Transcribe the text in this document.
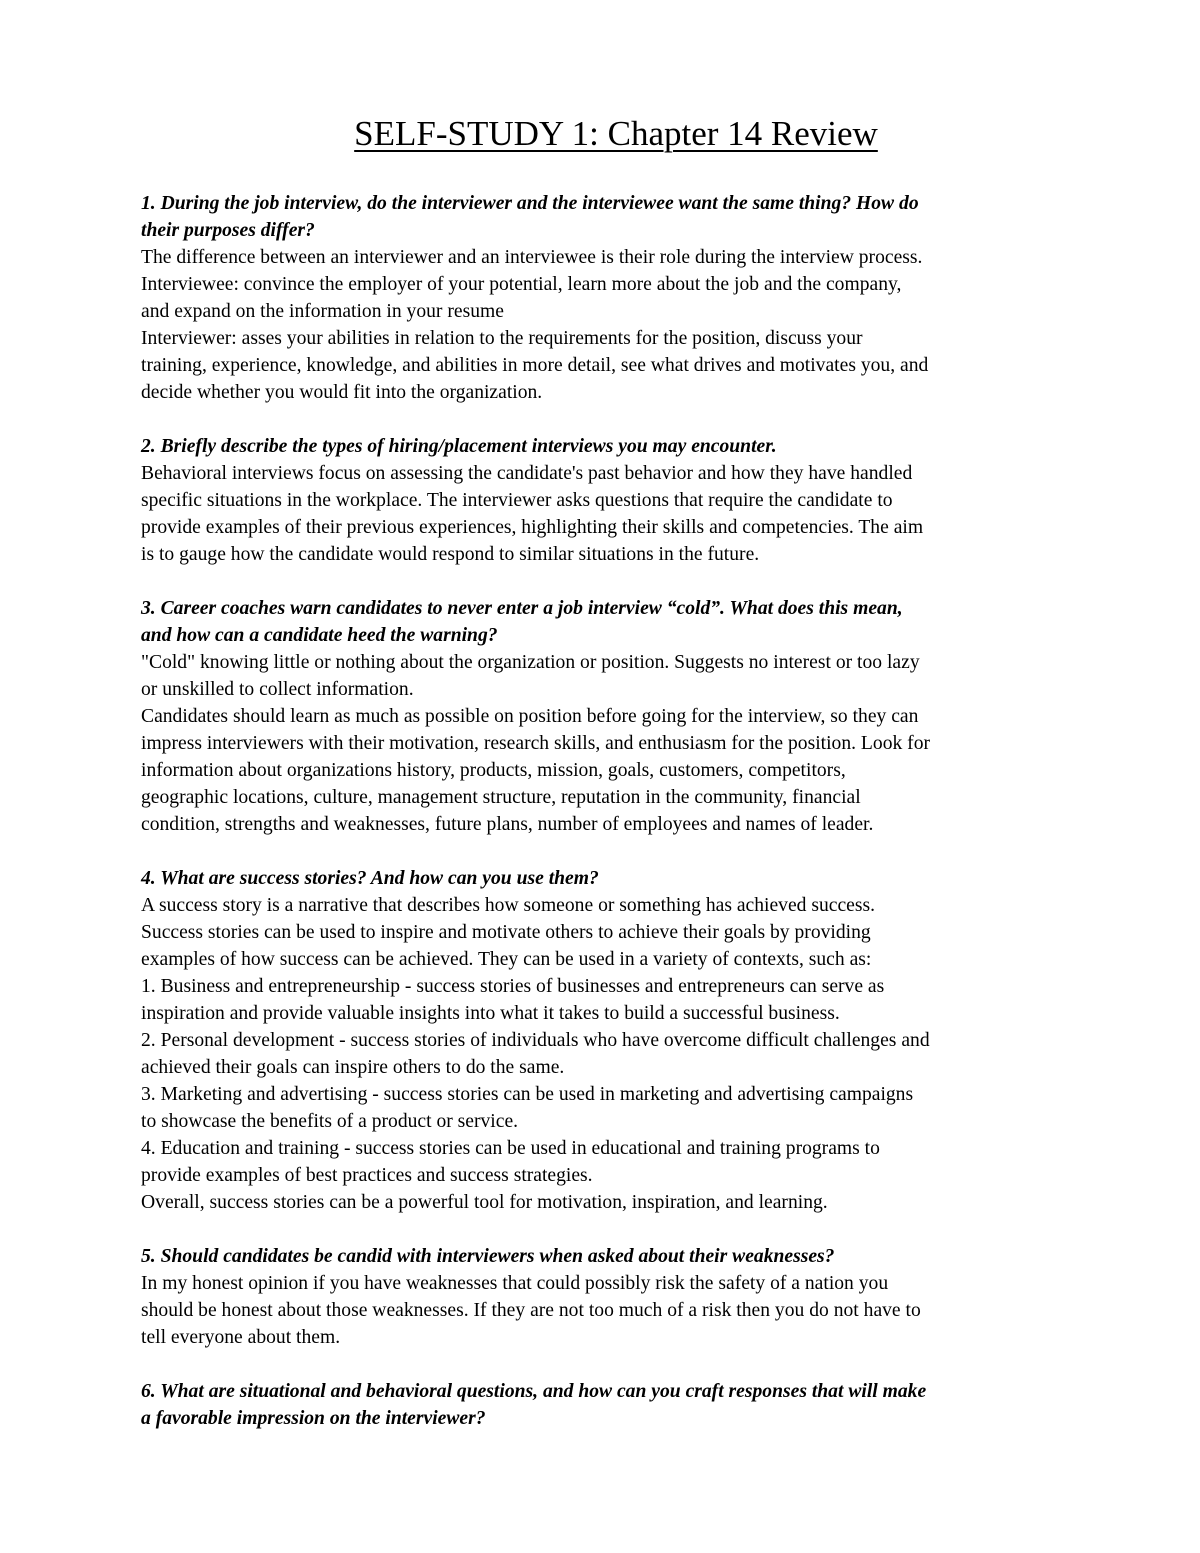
SELF-STUDY 1: Chapter 14 Review
1. During the job interview, do the interviewer and the interviewee want the same thing? How do
their purposes differ?
The difference between an interviewer and an interviewee is their role during the interview process.
Interviewee: convince the employer of your potential, learn more about the job and the company,
and expand on the information in your resume
Interviewer: asses your abilities in relation to the requirements for the position, discuss your
training, experience, knowledge, and abilities in more detail, see what drives and motivates you, and
decide whether you would fit into the organization.
2. Briefly describe the types of hiring/placement interviews you may encounter.
Behavioral interviews focus on assessing the candidate's past behavior and how they have handled
specific situations in the workplace. The interviewer asks questions that require the candidate to
provide examples of their previous experiences, highlighting their skills and competencies. The aim
is to gauge how the candidate would respond to similar situations in the future.
3. Career coaches warn candidates to never enter a job interview “cold”. What does this mean,
and how can a candidate heed the warning?
"Cold" knowing little or nothing about the organization or position. Suggests no interest or too lazy
or unskilled to collect information.
Candidates should learn as much as possible on position before going for the interview, so they can
impress interviewers with their motivation, research skills, and enthusiasm for the position. Look for
information about organizations history, products, mission, goals, customers, competitors,
geographic locations, culture, management structure, reputation in the community, financial
condition, strengths and weaknesses, future plans, number of employees and names of leader.
4. What are success stories? And how can you use them?
A success story is a narrative that describes how someone or something has achieved success.
Success stories can be used to inspire and motivate others to achieve their goals by providing
examples of how success can be achieved. They can be used in a variety of contexts, such as:
1. Business and entrepreneurship - success stories of businesses and entrepreneurs can serve as
inspiration and provide valuable insights into what it takes to build a successful business.
2. Personal development - success stories of individuals who have overcome difficult challenges and
achieved their goals can inspire others to do the same.
3. Marketing and advertising - success stories can be used in marketing and advertising campaigns
to showcase the benefits of a product or service.
4. Education and training - success stories can be used in educational and training programs to
provide examples of best practices and success strategies.
Overall, success stories can be a powerful tool for motivation, inspiration, and learning.
5. Should candidates be candid with interviewers when asked about their weaknesses?
In my honest opinion if you have weaknesses that could possibly risk the safety of a nation you
should be honest about those weaknesses. If they are not too much of a risk then you do not have to
tell everyone about them.
6. What are situational and behavioral questions, and how can you craft responses that will make
a favorable impression on the interviewer?
